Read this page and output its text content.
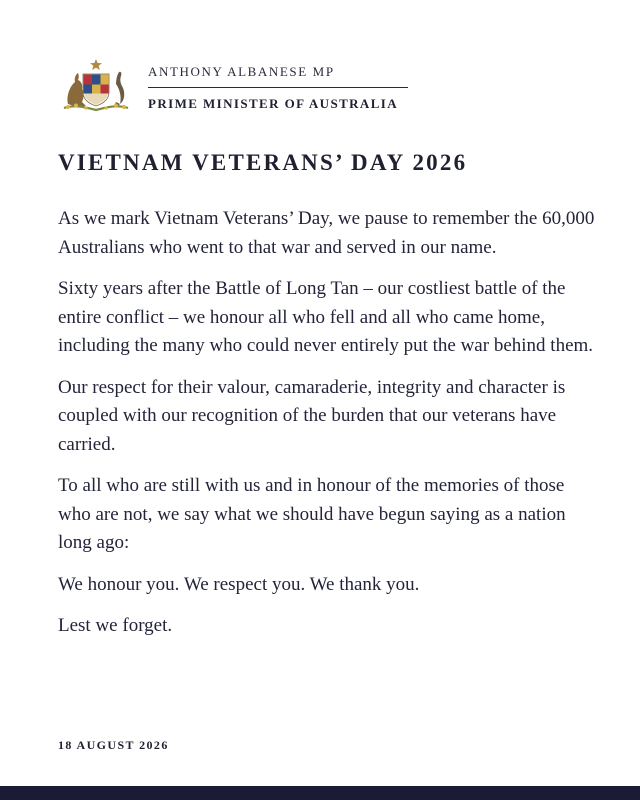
ANTHONY ALBANESE MP
PRIME MINISTER OF AUSTRALIA
VIETNAM VETERANS’ DAY 2026

As we mark Vietnam Veterans’ Day, we pause to remember the 60,000 Australians who went to that war and served in our name.

Sixty years after the Battle of Long Tan – our costliest battle of the entire conflict – we honour all who fell and all who came home, including the many who could never entirely put the war behind them.

Our respect for their valour, camaraderie, integrity and character is coupled with our recognition of the burden that our veterans have carried.

To all who are still with us and in honour of the memories of those who are not, we say what we should have begun saying as a nation long ago:

We honour you. We respect you. We thank you.

Lest we forget.

18 AUGUST 2026
